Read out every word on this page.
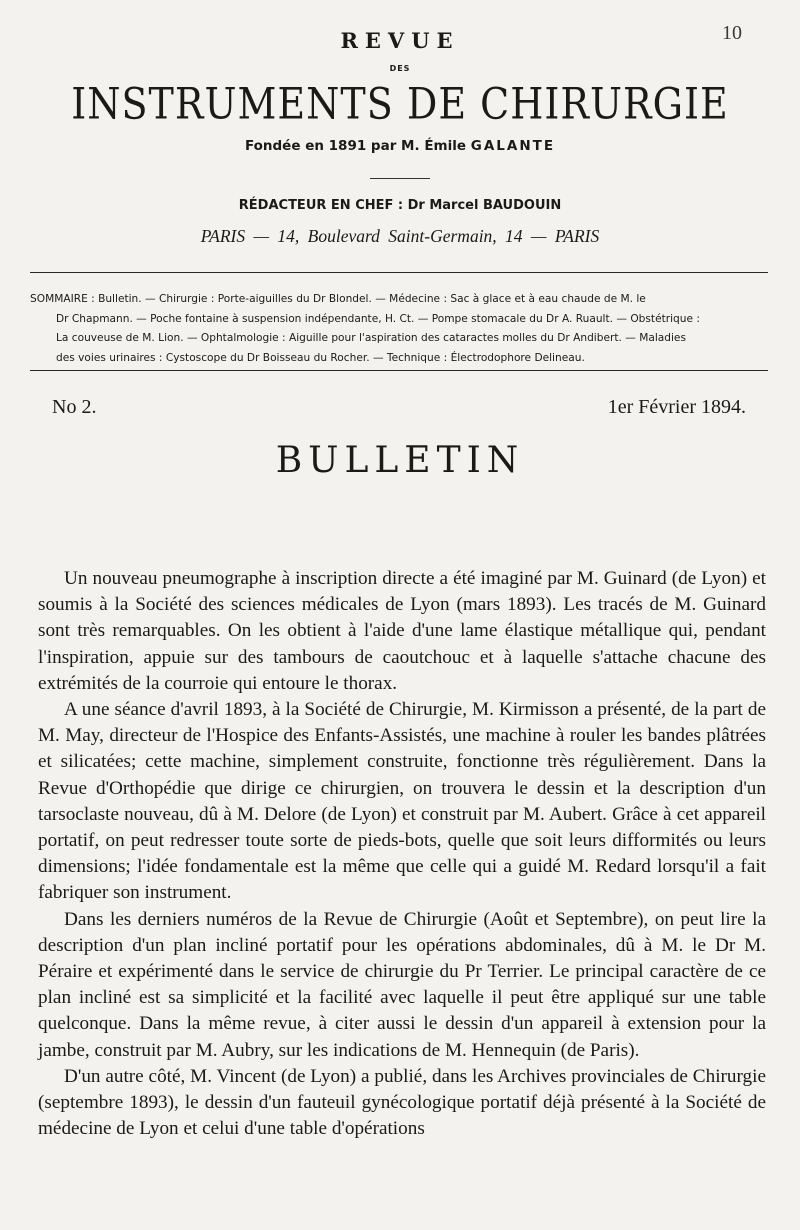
10
REVUE
DES
INSTRUMENTS DE CHIRURGIE
Fondée en 1891 par M. Émile GALANTE
RÉDACTEUR EN CHEF : Dr Marcel BAUDOUIN
PARIS — 14, Boulevard Saint-Germain, 14 — PARIS
SOMMAIRE : Bulletin. — Chirurgie : Porte-aiguilles du Dr Blondel. — Médecine : Sac à glace et à eau chaude de M. le
Dr Chapmann. — Poche fontaine à suspension indépendante, H. Ct. — Pompe stomacale du Dr A. Ruault. — Obstétrique :
La couveuse de M. Lion. — Ophtalmologie : Aiguille pour l'aspiration des cataractes molles du Dr Andibert. — Maladies
des voies urinaires : Cystoscope du Dr Boisseau du Rocher. — Technique : Électrodophore Delineau.
No 2.	1er Février 1894.
BULLETIN

Un nouveau pneumographe à inscription directe a été imaginé par M. Guinard (de Lyon) et soumis à la Société des sciences médicales de Lyon (mars 1893). Les tracés de M. Guinard sont très remarquables. On les obtient à l'aide d'une lame élastique métallique qui, pendant l'inspiration, appuie sur des tambours de caoutchouc et à laquelle s'attache chacune des extrémités de la courroie qui entoure le thorax.

A une séance d'avril 1893, à la Société de Chirurgie, M. Kirmisson a présenté, de la part de M. May, directeur de l'Hospice des Enfants-Assistés, une machine à rouler les bandes plâtrées et silicatées; cette machine, simplement construite, fonctionne très régulièrement. Dans la Revue d'Orthopédie que dirige ce chirurgien, on trouvera le dessin et la description d'un tarsoclaste nouveau, dû à M. Delore (de Lyon) et construit par M. Aubert. Grâce à cet appareil portatif, on peut redresser toute sorte de pieds-bots, quelle que soit leurs difformités ou leurs dimensions; l'idée fondamentale est la même que celle qui a guidé M. Redard lorsqu'il a fait fabriquer son instrument.

Dans les derniers numéros de la Revue de Chirurgie (Août et Septembre), on peut lire la description d'un plan incliné portatif pour les opérations abdominales, dû à M. le Dr M. Péraire et expérimenté dans le service de chirurgie du Pr Terrier. Le principal caractère de ce plan incliné est sa simplicité et la facilité avec laquelle il peut être appliqué sur une table quelconque. Dans la même revue, à citer aussi le dessin d'un appareil à extension pour la jambe, construit par M. Aubry, sur les indications de M. Hennequin (de Paris).

D'un autre côté, M. Vincent (de Lyon) a publié, dans les Archives provinciales de Chirurgie (septembre 1893), le dessin d'un fauteuil gynécologique portatif déjà présenté à la Société de médecine de Lyon et celui d'une table d'opérations
